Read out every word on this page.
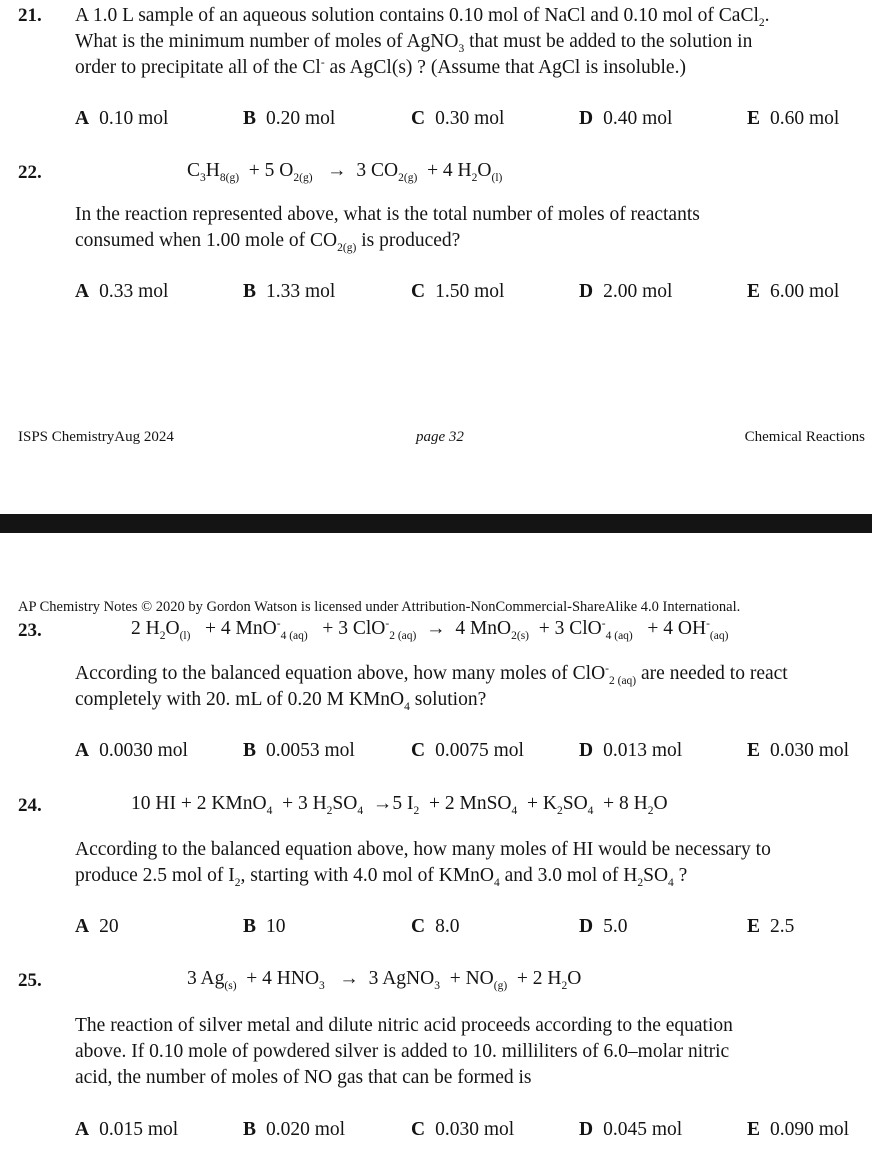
21. A 1.0 L sample of an aqueous solution contains 0.10 mol of NaCl and 0.10 mol of CaCl$_2$.
What is the minimum number of moles of AgNO$_3$ that must be added to the solution in
order to precipitate all of the Cl- as AgCl(s) ? (Assume that AgCl is insoluble.)
A 0.10 mol	B 0.20 mol	C 0.30 mol	D 0.40 mol	E 0.60 mol
22.	$C_3H_{8(g)} + 5$ $O_{2(g)} \to 3$ $CO_{2(g)} + 4$ $H_2O_{(l)}$
In the reaction represented above, what is the total number of moles of reactants
consumed when 1.00 mole of $CO_{2(g)}$ is produced?
A 0.33 mol	B 1.33 mol	C 1.50 mol	D 2.00 mol	E 6.00 mol
ISPS ChemistryAug 2024	page 32	Chemical Reactions
AP Chemistry Notes © 2020 by Gordon Watson is licensed under Attribution-NonCommercial-ShareAlike 4.0 International.
23.	2 $H_2O_{(l)} + 4$ MnO-$_{4 (aq)}$   + 3 ClO-$_{2 (aq)}$ → 4 MnO$_{2(s)}$  + 3 ClO-$_{4 (aq)}$   + 4 $OH^-_{(aq)}$
According to the balanced equation above, how many moles of ClO-$_{2 (aq)}$ are needed to react
completely with 20. mL of 0.20 M KMnO$_4$ solution?
A 0.0030 mol	B 0.0053 mol	C 0.0075 mol	D 0.013 mol	E 0.030 mol
24.	10 HI + 2 KMnO$_4$  + 3 $H_2SO_4 \to 5$ $I_2 + 2$ MnSO$_4$  + $K_2SO_4 + 8$ $H_2O$
According to the balanced equation above, how many moles of HI would be necessary to
produce 2.5 mol of $I_2$, starting with 4.0 mol of KMnO$_4$ and 3.0 mol of $H_2SO_4$ ?
A 20	B 10	C 8.0	D 5.0	E 2.5
25.	3 $Ag_{(s)} + 4$ $HNO_3 \to 3$ AgNO$_3$  + $NO_{(g)} + 2$ $H_2O$
The reaction of silver metal and dilute nitric acid proceeds according to the equation
above. If 0.10 mole of powdered silver is added to 10. milliliters of 6.0–molar nitric
acid, the number of moles of NO gas that can be formed is
A 0.015 mol	B 0.020 mol	C 0.030 mol	D 0.045 mol	E 0.090 mol
